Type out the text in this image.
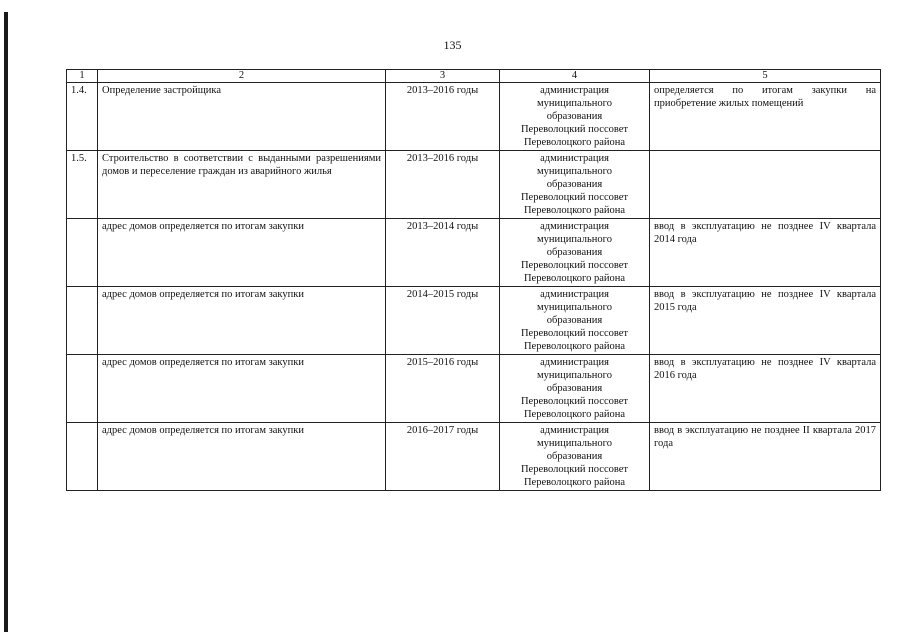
135
1	2	3	4	5
1.4.	Определение застройщика	2013–2016 годы	администрация
муниципального
образования
Переволоцкий поссовет
Переволоцкого района	определяется по итогам закупки на приобретение жилых помещений
1.5.	Строительство в соответствии с выданными разрешениями домов и переселение граждан из аварийного жилья	2013–2016 годы	администрация
муниципального
образования
Переволоцкий поссовет
Переволоцкого района	

	адрес домов определяется по итогам закупки	2013–2014 годы	администрация
муниципального
образования
Переволоцкий поссовет
Переволоцкого района	ввод в эксплуатацию не позднее IV квартала 2014 года
	адрес домов определяется по итогам закупки	2014–2015 годы	администрация
муниципального
образования
Переволоцкий поссовет
Переволоцкого района	ввод в эксплуатацию не позднее IV квартала 2015 года
	адрес домов определяется по итогам закупки	2015–2016 годы	администрация
муниципального
образования
Переволоцкий поссовет
Переволоцкого района	ввод в эксплуатацию не позднее IV квартала 2016 года
	адрес домов определяется по итогам закупки	2016–2017 годы	администрация
муниципального
образования
Переволоцкий поссовет
Переволоцкого района	ввод в эксплуатацию не позднее II квартала 2017 года
